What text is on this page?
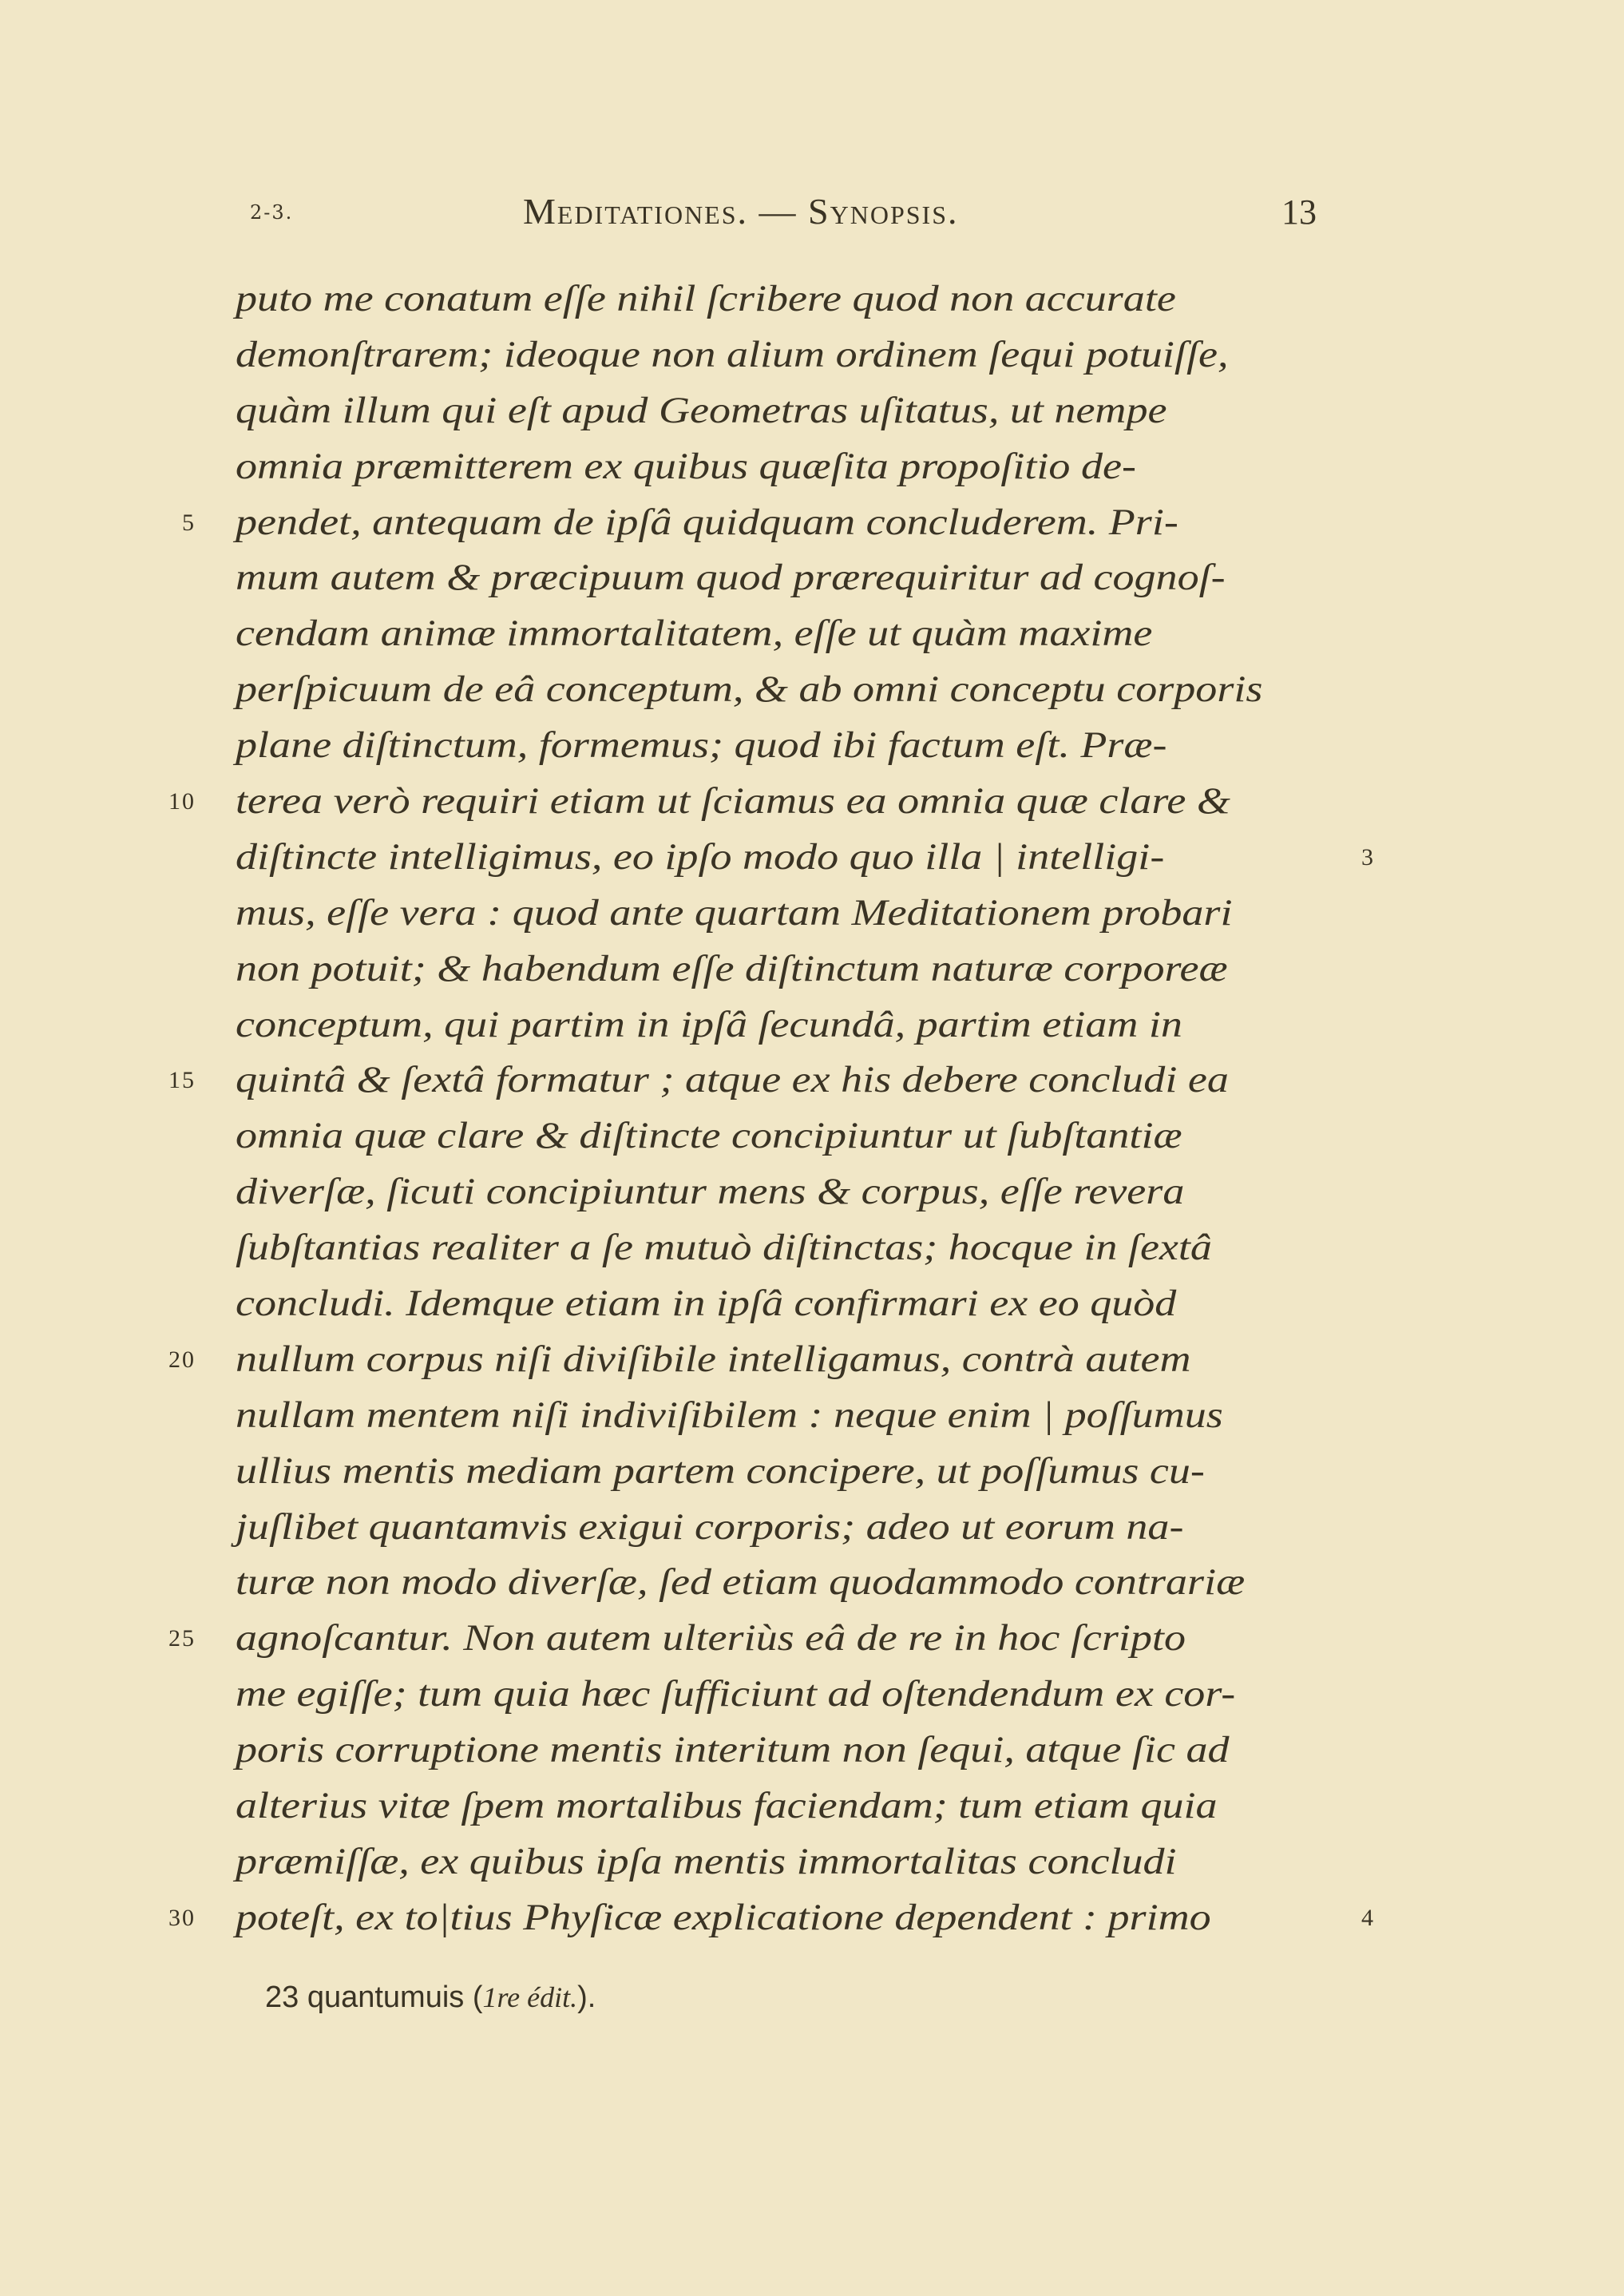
2-3.	Meditationes. — Synopsis.	13
puto me conatum eſſe nihil ſcribere quod non accurate
demonſtrarem; ideoque non alium ordinem ſequi potuiſſe,
quàm illum qui eſt apud Geometras uſitatus, ut nempe
omnia præmitterem ex quibus quæſita propoſitio de-
5 pendet, antequam de ipſâ quidquam concluderem. Pri-
mum autem & præcipuum quod prærequiritur ad cognoſ-
cendam animæ immortalitatem, eſſe ut quàm maxime
perſpicuum de eâ conceptum, & ab omni conceptu corporis
plane diſtinctum, formemus; quod ibi factum eſt. Præ-
10 terea verò requiri etiam ut ſciamus ea omnia quæ clare &
diſtincte intelligimus, eo ipſo modo quo illa | intelligi-	3
mus, eſſe vera : quod ante quartam Meditationem probari
non potuit; & habendum eſſe diſtinctum naturæ corporeæ
conceptum, qui partim in ipſâ ſecundâ, partim etiam in
15 quintâ & ſextâ formatur ; atque ex his debere concludi ea
omnia quæ clare & diſtincte concipiuntur ut ſubſtantiæ
diverſæ, ſicuti concipiuntur mens & corpus, eſſe revera
ſubſtantias realiter a ſe mutuò diſtinctas; hocque in ſextâ
concludi. Idemque etiam in ipſâ confirmari ex eo quòd
20 nullum corpus niſi diviſibile intelligamus, contrà autem
nullam mentem niſi indiviſibilem : neque enim | poſſumus
ullius mentis mediam partem concipere, ut poſſumus cu-
juſlibet quantamvis exigui corporis; adeo ut eorum na-
turæ non modo diverſæ, ſed etiam quodammodo contrariæ
25 agnoſcantur. Non autem ulteriùs eâ de re in hoc ſcripto
me egiſſe; tum quia hæc ſufficiunt ad oſtendendum ex cor-
poris corruptione mentis interitum non ſequi, atque ſic ad
alterius vitæ ſpem mortalibus faciendam; tum etiam quia
præmiſſæ, ex quibus ipſa mentis immortalitas concludi
30 poteſt, ex to|tius Phyſicæ explicatione dependent : primo	4
23 quantumuis (1re édit.).
